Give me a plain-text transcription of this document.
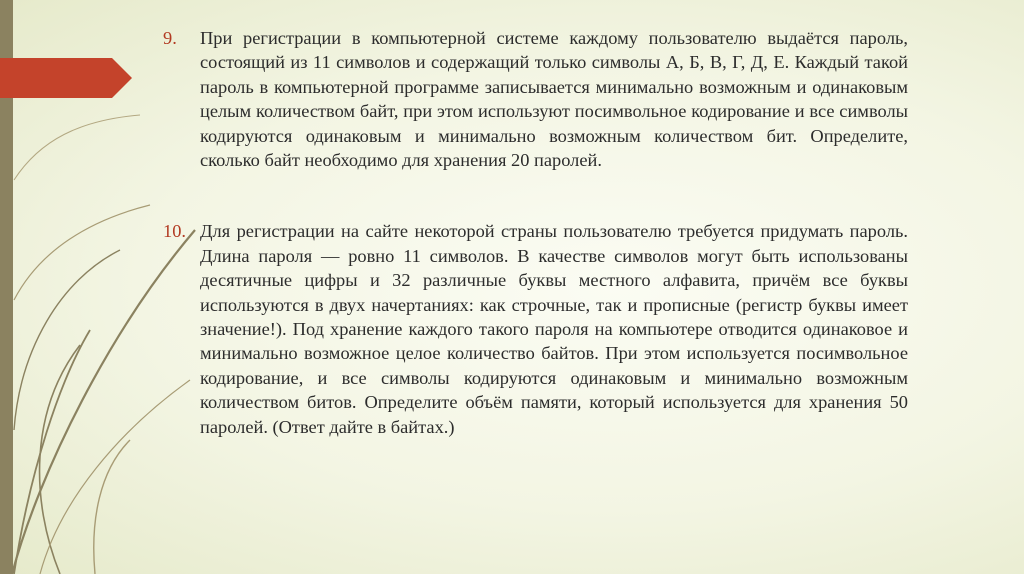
9.	При регистрации в компьютерной системе каждому пользователю выдаётся пароль, состоящий из 11 символов и содержащий только символы А, Б, В, Г, Д, Е. Каждый такой пароль в компьютерной программе записывается минимально возможным и одинаковым целым количеством байт, при этом используют посимвольное кодирование и все символы кодируются одинаковым и минимально возможным количеством бит. Определите, сколько байт необходимо для хранения 20 паролей.
10. Для регистрации на сайте некоторой страны пользователю требуется придумать пароль. Длина пароля — ровно 11 символов. В качестве символов могут быть использованы десятичные цифры и 32 различные буквы местного алфавита, причём все буквы используются в двух начертаниях: как строчные, так и прописные (регистр буквы имеет значение!). Под хранение каждого такого пароля на компьютере отводится одинаковое и минимально возможное целое количество байтов. При этом используется посимвольное кодирование, и все символы кодируются одинаковым и минимально возможным количеством битов. Определите объём памяти, который используется для хранения 50 паролей. (Ответ дайте в байтах.)
